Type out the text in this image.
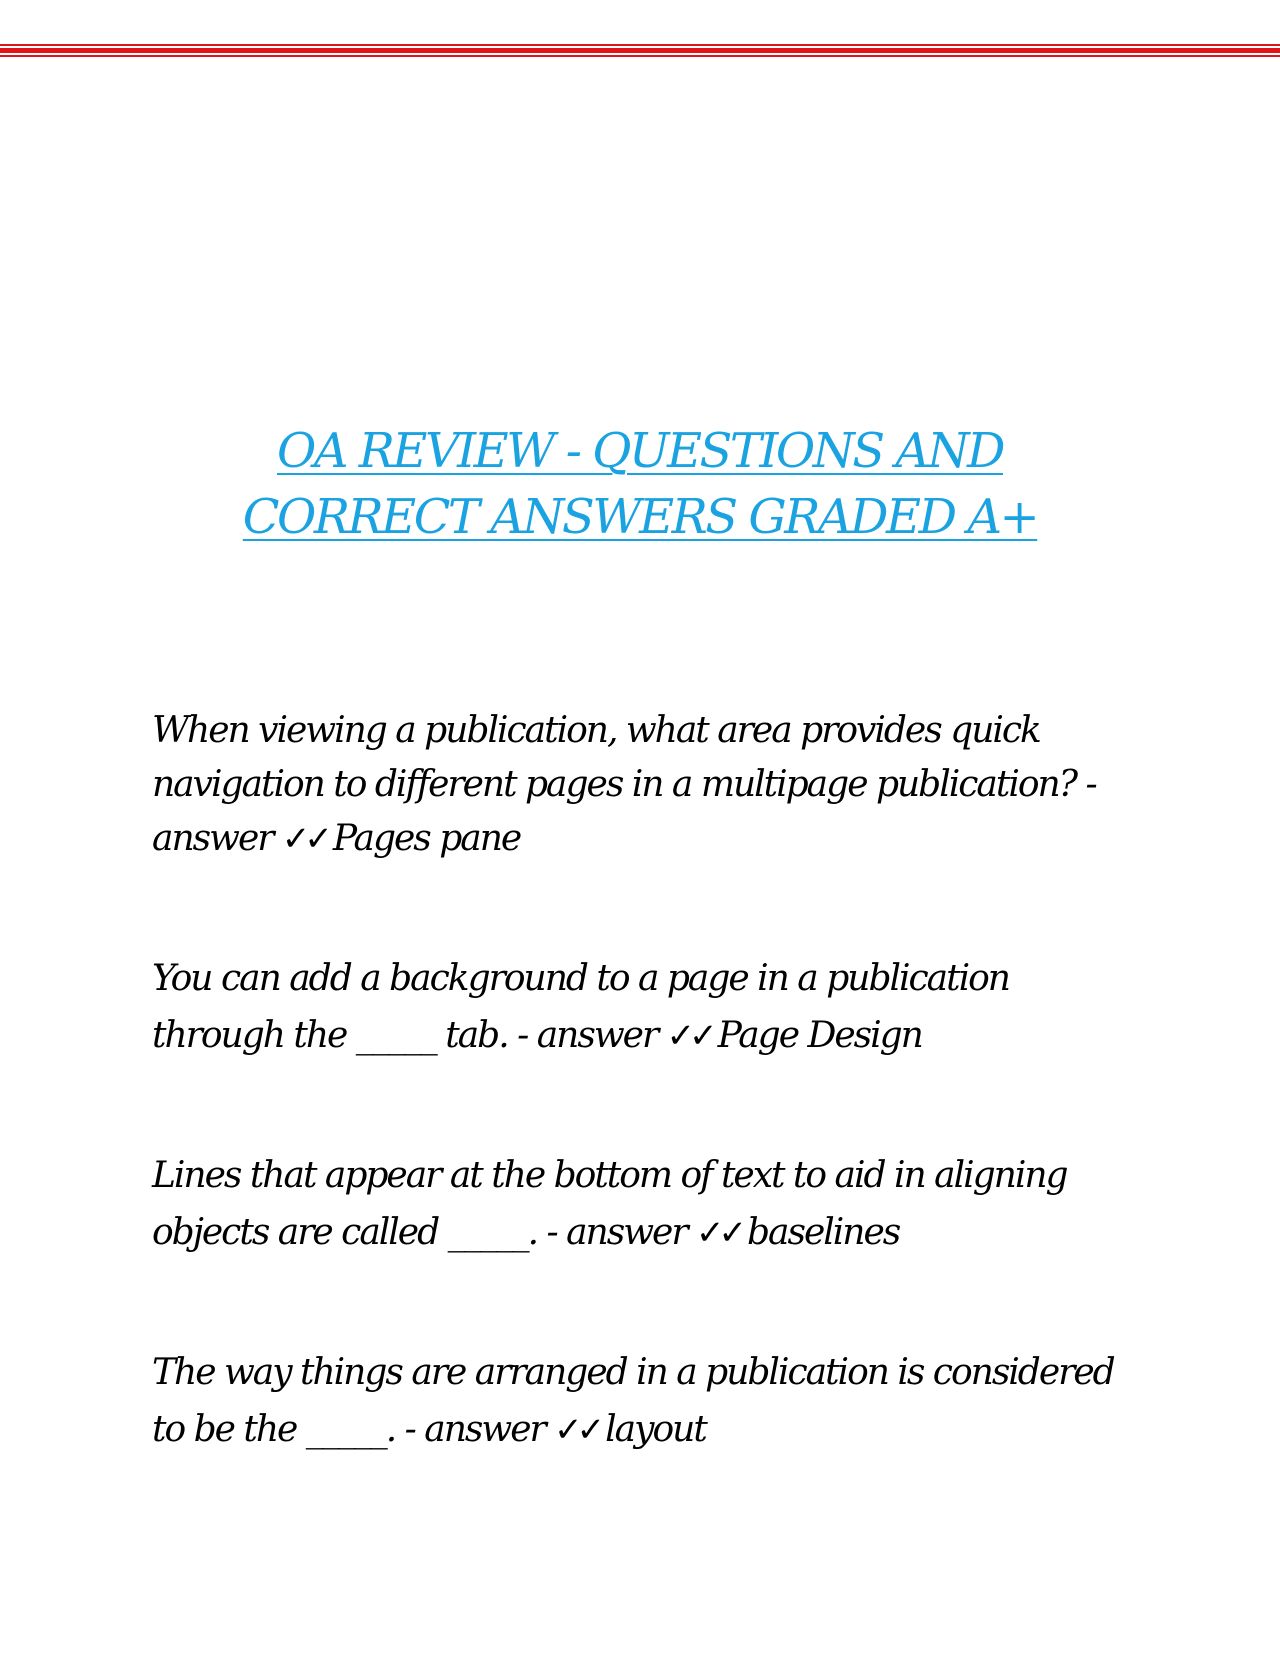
OA REVIEW - QUESTIONS AND
CORRECT ANSWERS GRADED A+

When viewing a publication, what area provides quick navigation to different pages in a multipage publication? - answer ✓✓ Pages pane

You can add a background to a page in a publication through the _____ tab. - answer ✓✓ Page Design

Lines that appear at the bottom of text to aid in aligning objects are called _____. - answer ✓✓ baselines

The way things are arranged in a publication is considered to be the _____. - answer ✓✓ layout
